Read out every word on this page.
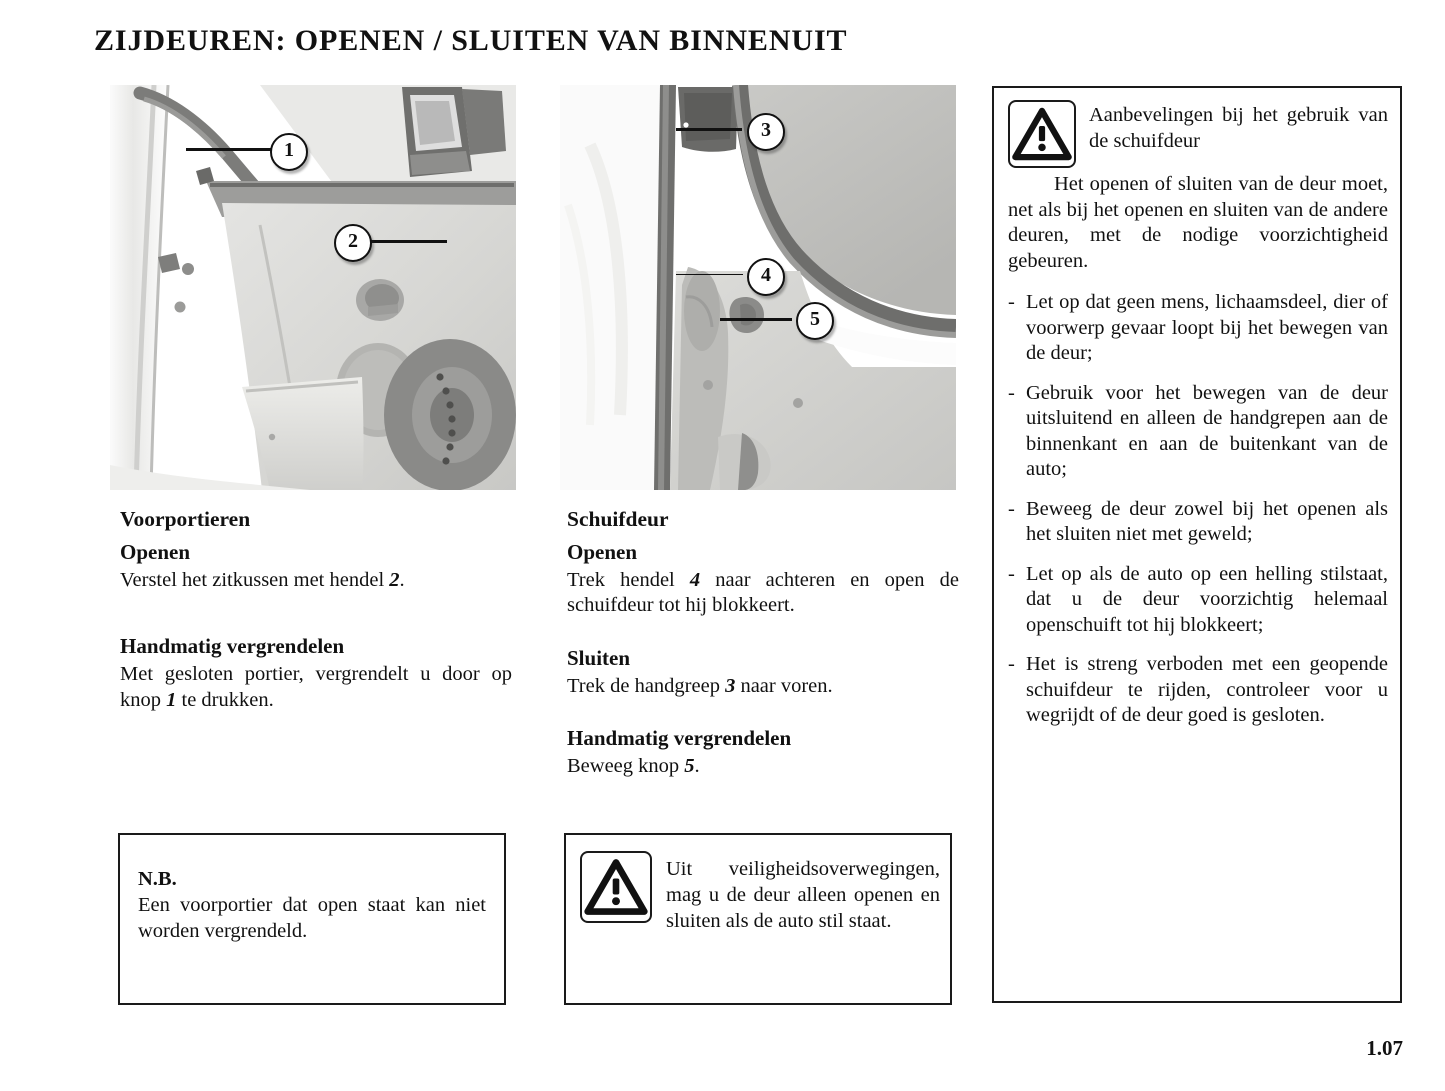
ZIJDEUREN: OPENEN / SLUITEN VAN BINNENUIT
1
2
3
4
5
Voorportieren
Openen

Verstel het zitkussen met hendel 2.

Handmatig vergrendelen

Met gesloten portier, vergrendelt u door op knop 1 te drukken.

Schuifdeur
Openen

Trek hendel 4 naar achteren en open de schuifdeur tot hij blokkeert.

Sluiten

Trek de handgreep 3 naar voren.

Handmatig vergrendelen

Beweeg knop 5.

N.B.
Een voorportier dat open staat kan niet worden vergrendeld.
Uit veiligheidsoverwegingen, mag u de deur alleen openen en sluiten als de auto stil staat.
Aanbevelingen bij het gebruik van de schuifdeur

Het openen of sluiten van de deur moet, net als bij het openen en sluiten van de andere deuren, met de nodige voorzichtigheid gebeuren.

- Let op dat geen mens, lichaamsdeel, dier of voorwerp gevaar loopt bij het bewegen van de deur;
- Gebruik voor het bewegen van de deur uitsluitend en alleen de handgrepen aan de binnenkant en aan de buitenkant van de auto;
- Beweeg de deur zowel bij het openen als het sluiten niet met geweld;
- Let op als de auto op een helling stilstaat, dat u de deur voorzichtig helemaal openschuift tot hij blokkeert;
- Het is streng verboden met een geopende schuifdeur te rijden, controleer voor u wegrijdt of de deur goed is gesloten.
1.07
